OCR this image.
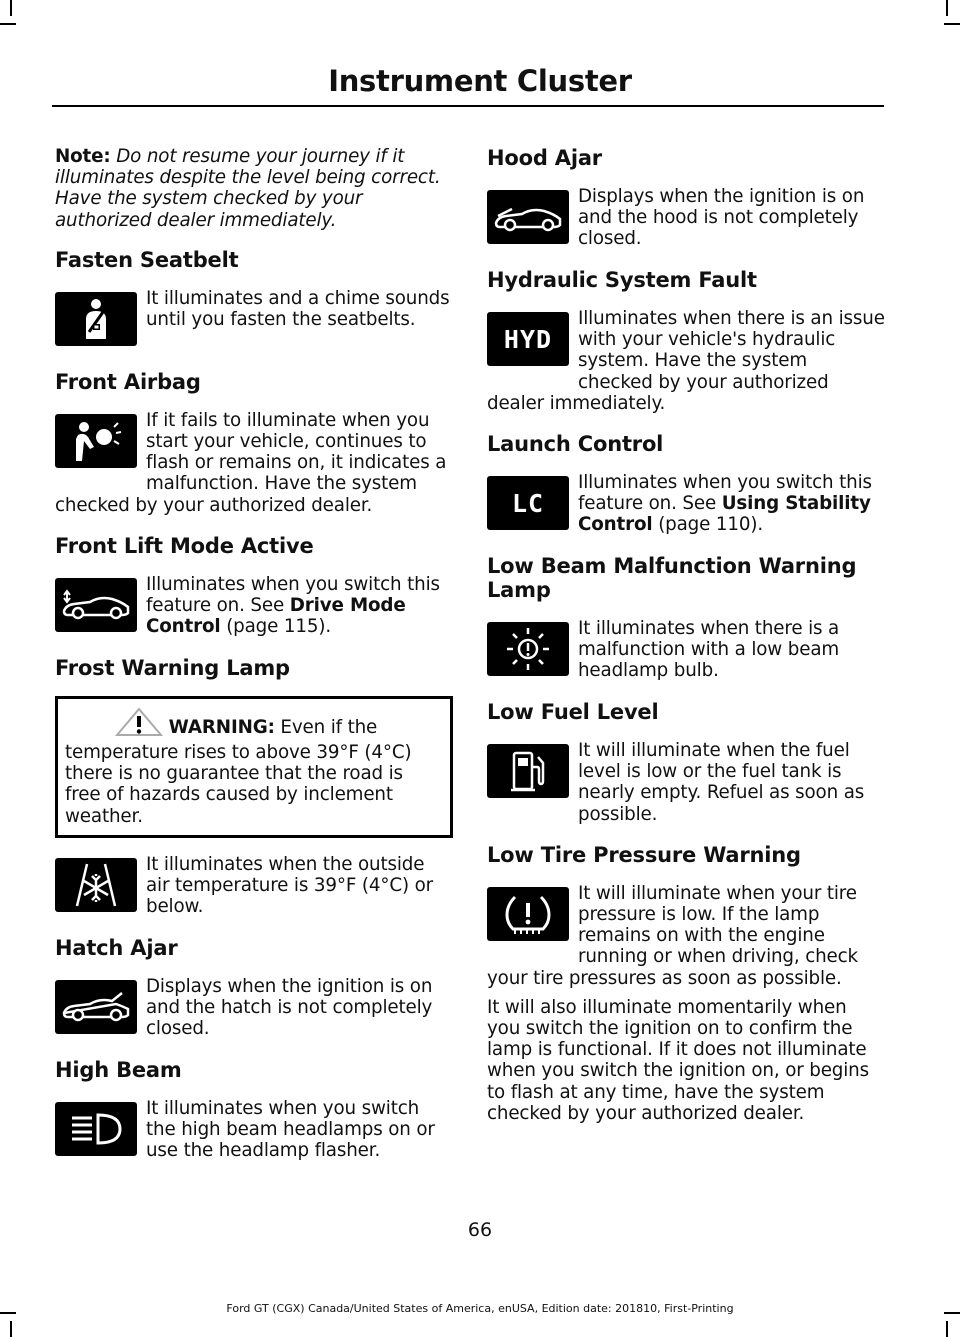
Instrument Cluster

Note: Do not resume your journey if it illuminates despite the level being correct. Have the system checked by your authorized dealer immediately.

Fasten Seatbelt

It illuminates and a chime sounds until you fasten the seatbelts.

Front Airbag

If it fails to illuminate when you start your vehicle, continues to flash or remains on, it indicates a malfunction. Have the system checked by your authorized dealer.

Front Lift Mode Active

Illuminates when you switch this feature on. See Drive Mode Control (page 115).

Frost Warning Lamp

WARNING: Even if the temperature rises to above 39°F (4°C) there is no guarantee that the road is free of hazards caused by inclement weather.

It illuminates when the outside air temperature is 39°F (4°C) or below.

Hatch Ajar

Displays when the ignition is on and the hatch is not completely closed.

High Beam

It illuminates when you switch the high beam headlamps on or use the headlamp flasher.

Hood Ajar

Displays when the ignition is on and the hood is not completely closed.

Hydraulic System Fault
HYD

Illuminates when there is an issue with your vehicle's hydraulic system. Have the system checked by your authorized dealer immediately.

Launch Control
LC

Illuminates when you switch this feature on. See Using Stability Control (page 110).

Low Beam Malfunction Warning Lamp

It illuminates when there is a malfunction with a low beam headlamp bulb.

Low Fuel Level

It will illuminate when the fuel level is low or the fuel tank is nearly empty. Refuel as soon as possible.

Low Tire Pressure Warning

It will illuminate when your tire pressure is low. If the lamp remains on with the engine running or when driving, check your tire pressures as soon as possible.

It will also illuminate momentarily when you switch the ignition on to confirm the lamp is functional. If it does not illuminate when you switch the ignition on, or begins to flash at any time, have the system checked by your authorized dealer.

66
Ford GT (CGX) Canada/United States of America, enUSA, Edition date: 201810, First-Printing
